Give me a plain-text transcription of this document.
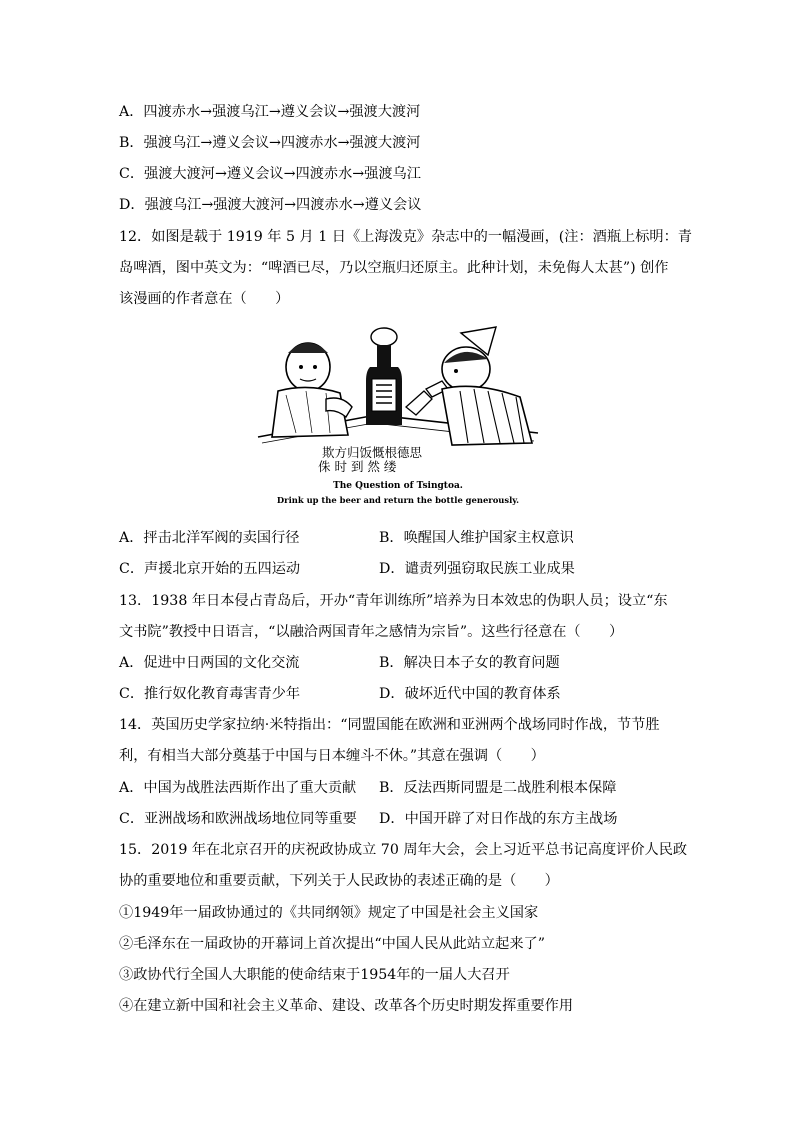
A．四渡赤水→强渡乌江→遵义会议→强渡大渡河
B．强渡乌江→遵义会议→四渡赤水→强渡大渡河
C．强渡大渡河→遵义会议→四渡赤水→强渡乌江
D．强渡乌江→强渡大渡河→四渡赤水→遵义会议
12．如图是载于 1919 年 5 月 1 日《上海泼克》杂志中的一幅漫画，(注：酒瓶上标明：青
岛啤酒，图中英文为：“啤酒已尽，乃以空瓶归还原主。此种计划，未免侮人太甚”) 创作
该漫画的作者意在（　　）
欺方归饭慨根德思
侏 时 到 然 缕
The Question of Tsingtoa.
Drink up the beer and return the bottle generously.
A．抨击北洋军阀的卖国行径	B．唤醒国人维护国家主权意识
C．声援北京开始的五四运动	D．谴责列强窃取民族工业成果
13．1938 年日本侵占青岛后，开办“青年训练所”培养为日本效忠的伪职人员；设立“东
文书院”教授中日语言，“以融洽两国青年之感情为宗旨”。这些行径意在（　　）
A．促进中日两国的文化交流	B．解决日本子女的教育问题
C．推行奴化教育毒害青少年	D．破坏近代中国的教育体系
14．英国历史学家拉纳·米特指出：“同盟国能在欧洲和亚洲两个战场同时作战，节节胜
利，有相当大部分奠基于中国与日本缠斗不休。”其意在强调（　　）
A．中国为战胜法西斯作出了重大贡献 B．反法西斯同盟是二战胜利根本保障
C．亚洲战场和欧洲战场地位同等重要 D．中国开辟了对日作战的东方主战场
15．2019 年在北京召开的庆祝政协成立 70 周年大会，会上习近平总书记高度评价人民政
协的重要地位和重要贡献，下列关于人民政协的表述正确的是（　　）
①1949年一届政协通过的《共同纲领》规定了中国是社会主义国家
②毛泽东在一届政协的开幕词上首次提出“中国人民从此站立起来了”
③政协代行全国人大职能的使命结束于1954年的一届人大召开
④在建立新中国和社会主义革命、建设、改革各个历史时期发挥重要作用
